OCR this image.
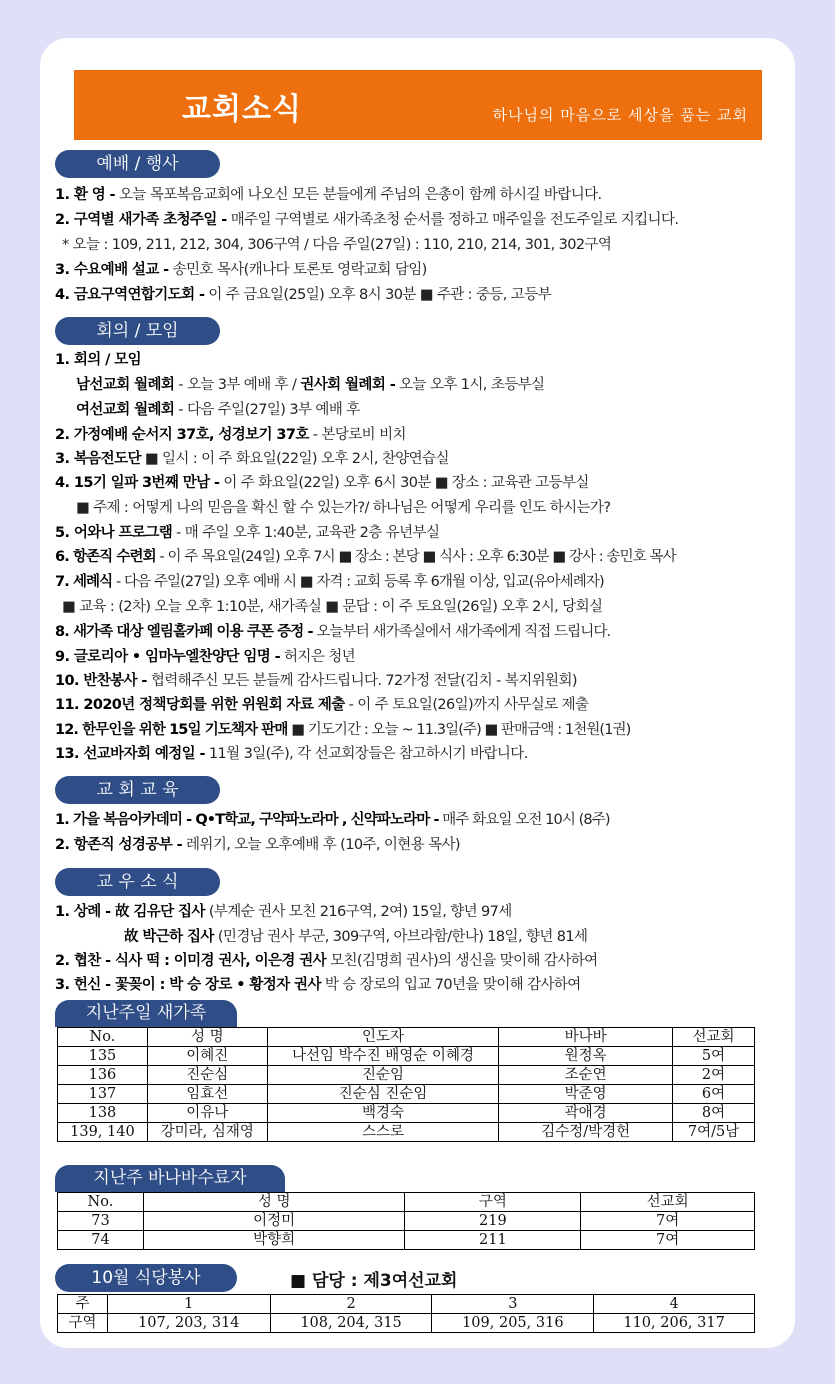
교회소식	하나님의 마음으로 세상을 품는 교회
예배 / 행사
1. 환 영 - 오늘 목포복음교회에 나오신 모든 분들에게 주님의 은총이 함께 하시길 바랍니다.
2. 구역별 새가족 초청주일 - 매주일 구역별로 새가족초청 순서를 정하고 매주일을 전도주일로 지킵니다.
* 오늘 : 109, 211, 212, 304, 306구역 / 다음 주일(27일) : 110, 210, 214, 301, 302구역
3. 수요예배 설교 - 송민호 목사(캐나다 토론토 영락교회 담임)
4. 금요구역연합기도회 - 이 주 금요일(25일) 오후 8시 30분 ■ 주관 : 중등, 고등부
회의 / 모임
1. 회의 / 모임
남선교회 월례회 - 오늘 3부 예배 후 / 권사회 월례회 - 오늘 오후 1시, 초등부실
여선교회 월례회 - 다음 주일(27일) 3부 예배 후
2. 가정예배 순서지 37호, 성경보기 37호 - 본당로비 비치
3. 복음전도단 ■ 일시 : 이 주 화요일(22일) 오후 2시, 찬양연습실
4. 15기 일파 3번째 만남 - 이 주 화요일(22일) 오후 6시 30분 ■ 장소 : 교육관 고등부실
■ 주제 : 어떻게 나의 믿음을 확신 할 수 있는가?/ 하나님은 어떻게 우리를 인도 하시는가?
5. 어와나 프로그램 - 매 주일 오후 1:40분, 교육관 2층 유년부실
6. 항존직 수련회 - 이 주 목요일(24일) 오후 7시 ■ 장소 : 본당 ■ 식사 : 오후 6:30분 ■ 강사 : 송민호 목사
7. 세례식 - 다음 주일(27일) 오후 예배 시 ■ 자격 : 교회 등록 후 6개월 이상, 입교(유아세례자)
■ 교육 : (2차) 오늘 오후 1:10분, 새가족실 ■ 문답 : 이 주 토요일(26일) 오후 2시, 당회실
8. 새가족 대상 엘림홀카페 이용 쿠폰 증정 - 오늘부터 새가족실에서 새가족에게 직접 드립니다.
9. 글로리아 • 임마누엘찬양단 임명 - 허지은 청년
10. 반찬봉사 - 협력해주신 모든 분들께 감사드립니다. 72가정 전달(김치 - 복지위원회)
11. 2020년 정책당회를 위한 위원회 자료 제출 - 이 주 토요일(26일)까지 사무실로 제출
12. 한무인을 위한 15일 기도책자 판매 ■ 기도기간 : 오늘 ~ 11.3일(주) ■ 판매금액 : 1천원(1권)
13. 선교바자회 예정일 - 11월 3일(주), 각 선교회장들은 참고하시기 바랍니다.
교 회 교 육
1. 가을 복음아카데미 - Q•T학교, 구약파노라마 , 신약파노라마 - 매주 화요일 오전 10시 (8주)
2. 항존직 성경공부 - 레위기, 오늘 오후예배 후 (10주, 이현용 목사)
교 우 소 식
1. 상례 - 故 김유단 집사 (부계순 권사 모친 216구역, 2여) 15일, 향년 97세
故 박근하 집사 (민경남 권사 부군, 309구역, 아브라함/한나) 18일, 향년 81세
2. 협찬 - 식사 떡 : 이미경 권사, 이은경 권사 모친(김명희 권사)의 생신을 맞이해 감사하여
3. 헌신 - 꽃꽂이 : 박 승 장로 • 황정자 권사 박 승 장로의 입교 70년을 맞이해 감사하여
지난주일 새가족
No.	성 명	인도자	바나바	선교회
135	이혜진	나선임 박수진 배영순 이혜경	원정옥	5여
136	진순심	진순임	조순연	2여
137	임효선	진순심 진순임	박준영	6여
138	이유나	백경숙	곽애경	8여
139, 140	강미라, 심재영	스스로	김수정/박경헌	7여/5남
지난주 바나바수료자
No.	성 명	구역	선교회
73	이정미	219	7여
74	박향희	211	7여
10월 식당봉사	■ 담당 : 제3여선교회
주	1	2	3	4
구역	107, 203, 314	108, 204, 315	109, 205, 316	110, 206, 317
